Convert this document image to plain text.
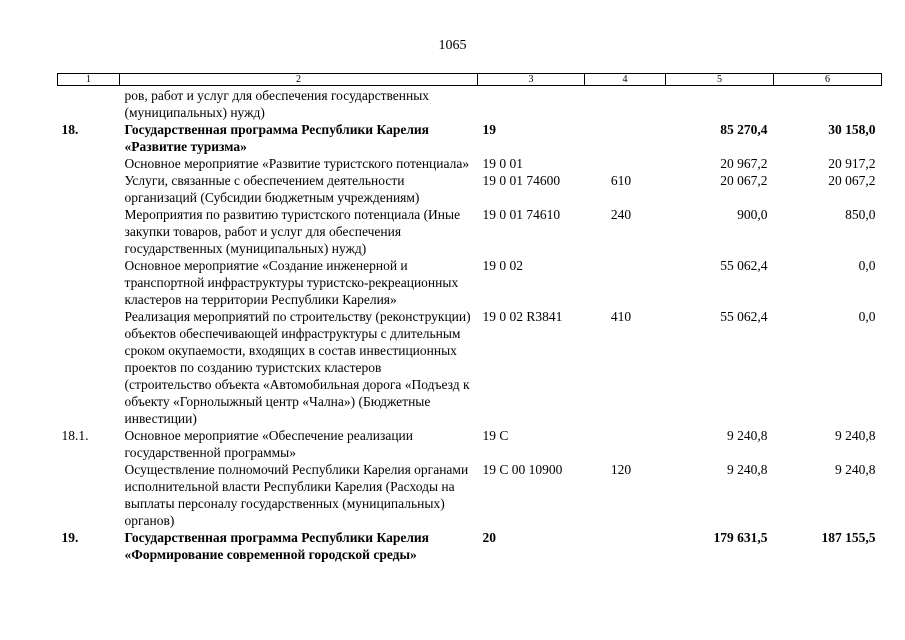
1065
1	2	3	4	5	6
	ров, работ и услуг для обеспечения государственных (муниципальных) нужд)				
18.	Государственная программа Республики Карелия «Развитие туризма»	19		85 270,4	30 158,0
	Основное мероприятие «Развитие туристского потенциала»	19 0 01		20 967,2	20 917,2
	Услуги, связанные с обеспечением деятельности организаций (Субсидии бюджетным учреждениям)	19 0 01 74600	610	20 067,2	20 067,2
	Мероприятия по развитию туристского потенциала (Иные закупки товаров, работ и услуг для обеспечения государственных (муниципальных) нужд)	19 0 01 74610	240	900,0	850,0
	Основное мероприятие «Создание инженерной и транспортной инфраструктуры туристско-рекреационных кластеров на территории Республики Карелия»	19 0 02		55 062,4	0,0
	Реализация мероприятий по строительству (реконструкции) объектов обеспечивающей инфраструктуры с длительным сроком окупаемости, входящих в состав инвестиционных проектов по созданию туристских кластеров (строительство объекта «Автомобильная дорога «Подъезд к объекту «Горнолыжный центр «Чална») (Бюджетные инвестиции)	19 0 02 R3841	410	55 062,4	0,0
18.1.	Основное мероприятие «Обеспечение реализации государственной программы»	19 С		9 240,8	9 240,8
	Осуществление полномочий Республики Карелия органами исполнительной власти Республики Карелия (Расходы на выплаты персоналу государственных (муниципальных) органов)	19 С 00 10900	120	9 240,8	9 240,8
19.	Государственная программа Республики Карелия «Формирование современной городской среды»	20		179 631,5	187 155,5
